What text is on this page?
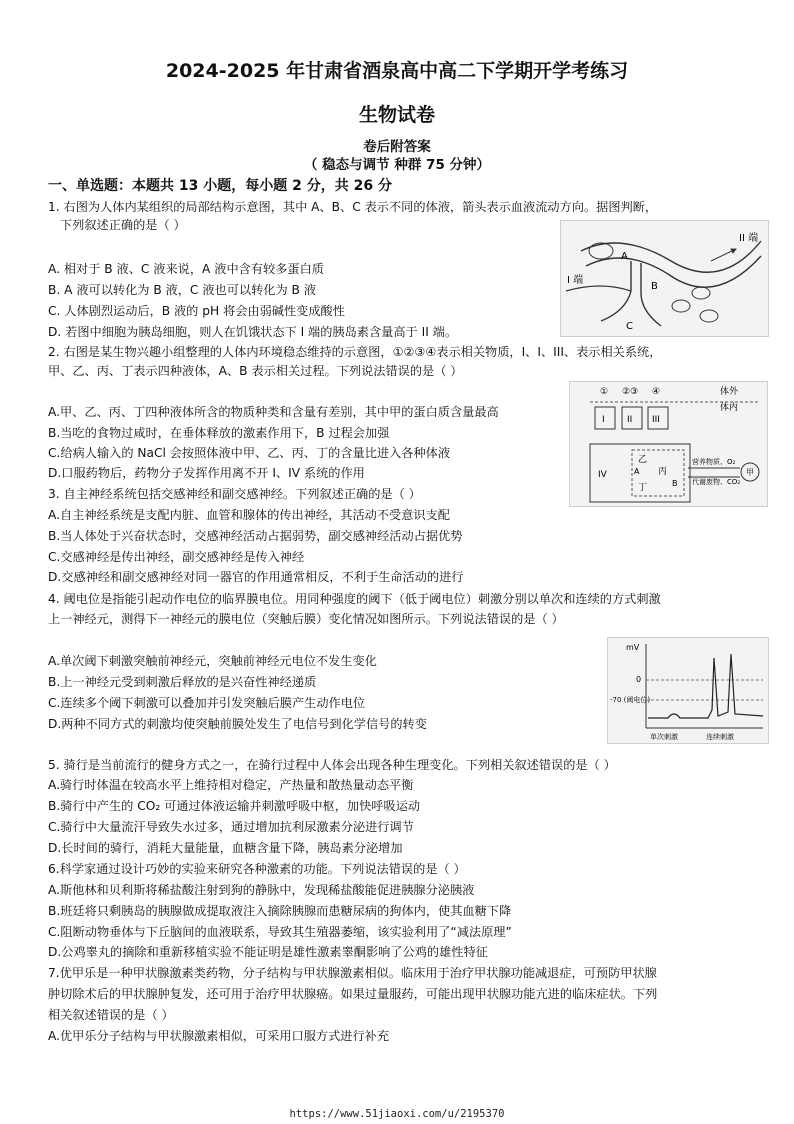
2024-2025 年甘肃省酒泉高中高二下学期开学考练习
生物试卷
卷后附答案
（ 稳态与调节 种群 75 分钟）
一、单选题：本题共 13 小题，每小题 2 分，共 26 分
1. 右图为人体内某组织的局部结构示意图，其中 A、B、C 表示不同的体液，箭头表示血液流动方向。据图判断，
下列叙述正确的是（ ）
A. 相对于 B 液、C 液来说，A 液中含有较多蛋白质
B. A 液可以转化为 B 液，C 液也可以转化为 B 液
C. 人体剧烈运动后，B 液的 pH 将会由弱碱性变成酸性
D. 若图中细胞为胰岛细胞，则人在饥饿状态下 I 端的胰岛素含量高于 II 端。
2. 右图是某生物兴趣小组整理的人体内环境稳态维持的示意图，①②③④表示相关物质，I、I、III、表示相关系统，
甲、乙、丙、丁表示四种液体，A、B 表示相关过程。下列说法错误的是（ ）
A.甲、乙、丙、丁四种液体所含的物质种类和含量有差别，其中甲的蛋白质含量最高
B.当吃的食物过咸时，在垂体释放的激素作用下，B 过程会加强
C.给病人输入的 NaCl 会按照体液中甲、乙、丙、丁的含量比进入各种体液
D.口服药物后，药物分子发挥作用离不开 I、IV 系统的作用
3. 自主神经系统包括交感神经和副交感神经。下列叙述正确的是（ ）
A.自主神经系统是支配内脏、血管和腺体的传出神经，其活动不受意识支配
B.当人体处于兴奋状态时，交感神经活动占据弱势，副交感神经活动占据优势
C.交感神经是传出神经，副交感神经是传入神经
D.交感神经和副交感神经对同一器官的作用通常相反，不利于生命活动的进行
4. 阈电位是指能引起动作电位的临界膜电位。用同种强度的阈下（低于阈电位）刺激分别以单次和连续的方式刺激
上一神经元，测得下一神经元的膜电位（突触后膜）变化情况如图所示。下列说法错误的是（ ）
A.单次阈下刺激突触前神经元，突触前神经元电位不发生变化
B.上一神经元受到刺激后释放的是兴奋性神经递质
C.连续多个阈下刺激可以叠加并引发突触后膜产生动作电位
D.两种不同方式的刺激均使突触前膜处发生了电信号到化学信号的转变
5. 骑行是当前流行的健身方式之一，在骑行过程中人体会出现各种生理变化。下列相关叙述错误的是（ ）
A.骑行时体温在较高水平上维持相对稳定，产热量和散热量动态平衡
B.骑行中产生的 CO₂ 可通过体液运输并刺激呼吸中枢，加快呼吸运动
C.骑行中大量流汗导致失水过多，通过增加抗利尿激素分泌进行调节
D.长时间的骑行，消耗大量能量，血糖含量下降，胰岛素分泌增加
6.科学家通过设计巧妙的实验来研究各种激素的功能。下列说法错误的是（ ）
A.斯他林和贝利斯将稀盐酸注射到狗的静脉中，发现稀盐酸能促进胰腺分泌胰液
B.班廷将只剩胰岛的胰腺做成提取液注入摘除胰腺而患糖尿病的狗体内，使其血糖下降
C.阻断动物垂体与下丘脑间的血液联系，导致其生殖器萎缩，该实验利用了“减法原理”
D.公鸡睾丸的摘除和重新移植实验不能证明是雄性激素睾酮影响了公鸡的雄性特征
7.优甲乐是一种甲状腺激素类药物，分子结构与甲状腺激素相似。临床用于治疗甲状腺功能减退症，可预防甲状腺
肿切除术后的甲状腺肿复发，还可用于治疗甲状腺癌。如果过量服药，可能出现甲状腺功能亢进的临床症状。下列
相关叙述错误的是（ ）
A.优甲乐分子结构与甲状腺激素相似，可采用口服方式进行补充
A
B
C
II 端
I 端
① ②③ ④	体外
体内
I II III
IV
乙
丙
丁
A
B
营养物质、O₂
代谢废物、CO₂
甲
mV
0
-70 (阈电位)
单次刺激	连续刺激
https://www.51jiaoxi.com/u/2195370
